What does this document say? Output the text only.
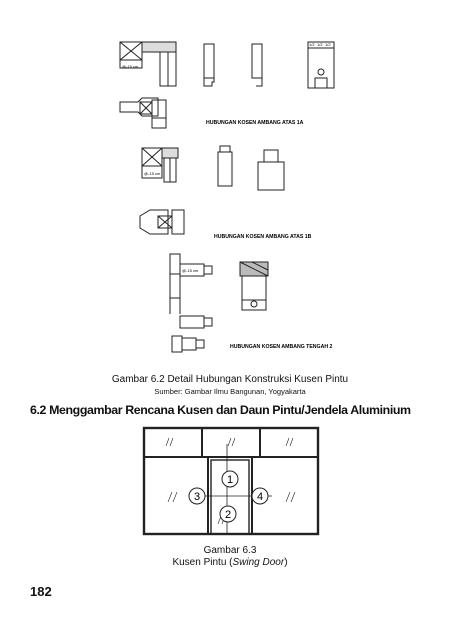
@-15 cm
@-15 cm
@-15 cm
1/2 1/2 1/2
HUBUNGAN KOSEN AMBANG ATAS 1A
HUBUNGAN KOSEN AMBANG ATAS 1B
HUBUNGAN KOSEN AMBANG TENGAH 2
Gambar 6.2 Detail Hubungan Konstruksi Kusen Pintu
Sumber: Gambar Ilmu Bangunan, Yogyakarta
6.2 Menggambar Rencana Kusen dan Daun Pintu/Jendela Aluminium
1
2
3	4
Gambar 6.3
Kusen Pintu (Swing Door)
182
